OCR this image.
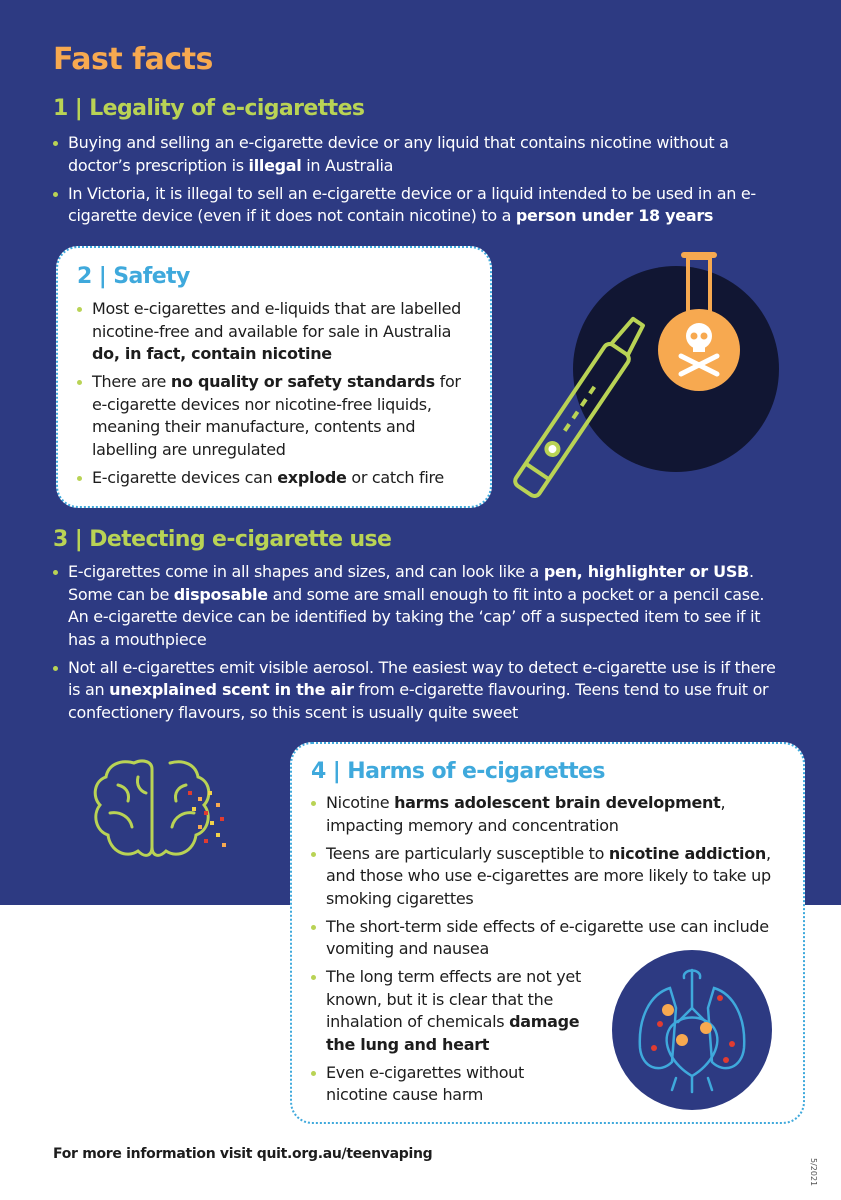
Fast facts
1 | Legality of e-cigarettes
Buying and selling an e-cigarette device or any liquid that contains nicotine without a doctor’s prescription is illegal in Australia
In Victoria, it is illegal to sell an e-cigarette device or a liquid intended to be used in an e-cigarette device (even if it does not contain nicotine) to a person under 18 years
2 | Safety
Most e-cigarettes and e-liquids that are labelled nicotine-free and available for sale in Australia do, in fact, contain nicotine
There are no quality or safety standards for e-cigarette devices nor nicotine-free liquids, meaning their manufacture, contents and labelling are unregulated
E-cigarette devices can explode or catch fire
3 | Detecting e-cigarette use
E-cigarettes come in all shapes and sizes, and can look like a pen, highlighter or USB. Some can be disposable and some are small enough to fit into a pocket or a pencil case. An e-cigarette device can be identified by taking the ‘cap’ off a suspected item to see if it has a mouthpiece
Not all e-cigarettes emit visible aerosol. The easiest way to detect e-cigarette use is if there is an unexplained scent in the air from e-cigarette flavouring. Teens tend to use fruit or confectionery flavours, so this scent is usually quite sweet
4 | Harms of e-cigarettes
Nicotine harms adolescent brain development, impacting memory and concentration
Teens are particularly susceptible to nicotine addiction, and those who use e-cigarettes are more likely to take up smoking cigarettes
The short-term side effects of e-cigarette use can include vomiting and nausea
The long term effects are not yet known, but it is clear that the inhalation of chemicals damage the lung and heart
Even e-cigarettes without nicotine cause harm
For more information visit quit.org.au/teenvaping
5/2021
